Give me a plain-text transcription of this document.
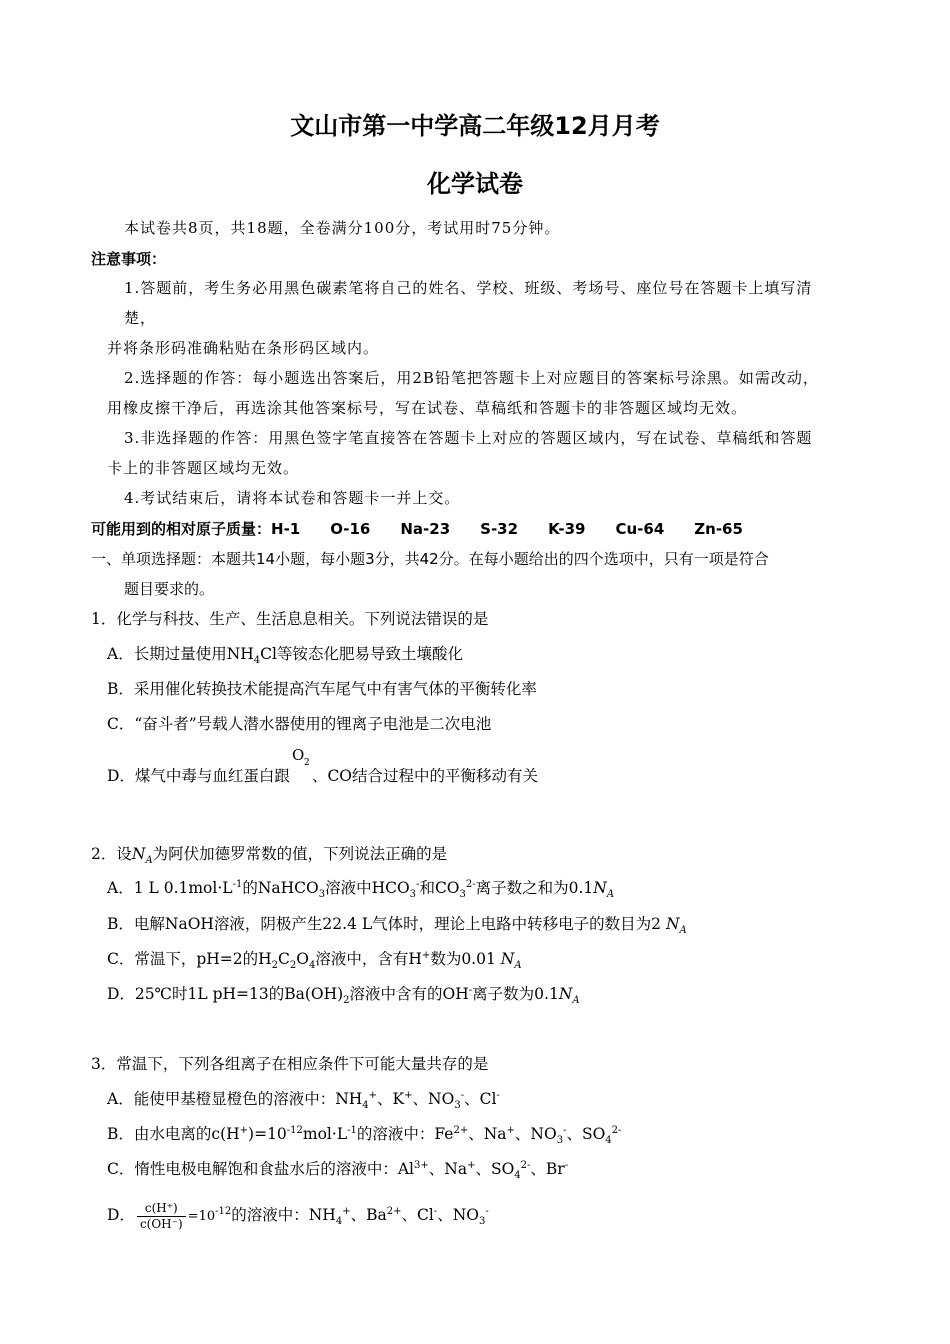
文山市第一中学高二年级12月月考
化学试卷
本试卷共8页，共18题，全卷满分100分，考试用时75分钟。
注意事项：
1.答题前，考生务必用黑色碳素笔将自己的姓名、学校、班级、考场号、座位号在答题卡上填写清
楚，
并将条形码准确粘贴在条形码区域内。
2.选择题的作答：每小题选出答案后，用2B铅笔把答题卡上对应题目的答案标号涂黑。如需改动，
用橡皮擦干净后，再选涂其他答案标号，写在试卷、草稿纸和答题卡的非答题区域均无效。
3.非选择题的作答：用黑色签字笔直接答在答题卡上对应的答题区域内，写在试卷、草稿纸和答题
卡上的非答题区域均无效。
4.考试结束后，请将本试卷和答题卡一并上交。
可能用到的相对原子质量：H-1 O-16 Na-23 S-32 K-39 Cu-64 Zn-65
一、单项选择题：本题共14小题，每小题3分，共42分。在每小题给出的四个选项中，只有一项是符合
题目要求的。
1．化学与科技、生产、生活息息相关。下列说法错误的是
A．长期过量使用$NH_4Cl$等铵态化肥易导致土壤酸化
B．采用催化转换技术能提高汽车尾气中有害气体的平衡转化率
C．“奋斗者”号载人潜水器使用的锂离子电池是二次电池
D．煤气中毒与血红蛋白跟
O 2
、CO结合过程中的平衡移动有关
2．设$N_A$为阿伏加德罗常数的值，下列说法正确的是
A．1 L $0.1mol\cdot L^{-1}$的NaHCO$_3$溶液中$HCO_3^-$和$CO_3^{2-}$离子数之和为$0.1N_A$
B．电解NaOH溶液，阴极产生22.4 L气体时，理论上电路中转移电子的数目为2 $N_A$
C．常温下，pH=2的$H_2C_2O_4$溶液中，含有H+数为0.01 $N_A$
D．25℃时1L pH=13的$Ba(OH)_2$溶液中含有的OH-离子数为$0.1N_A$
3．常温下，下列各组离子在相应条件下可能大量共存的是
A．能使甲基橙显橙色的溶液中：$NH_4^+$、K+、$NO_3^-$、Cl-
B．由水电离的$c(H^+)=10^{-12}mol\cdot L^{-1}$的溶液中：$Fe^{2+}$、Na+、$NO_3^-$、$SO_4^{2-}$
C．惰性电极电解饱和食盐水后的溶液中：$Al^{3+}$、Na+、$SO_4^{2-}$、Br-
D． $\frac{c(H^+)}{c(OH^-)} =10^{-12}$的溶液中：$NH_4^+$、$Ba^{2+}$、Cl-、$NO_3^-$
